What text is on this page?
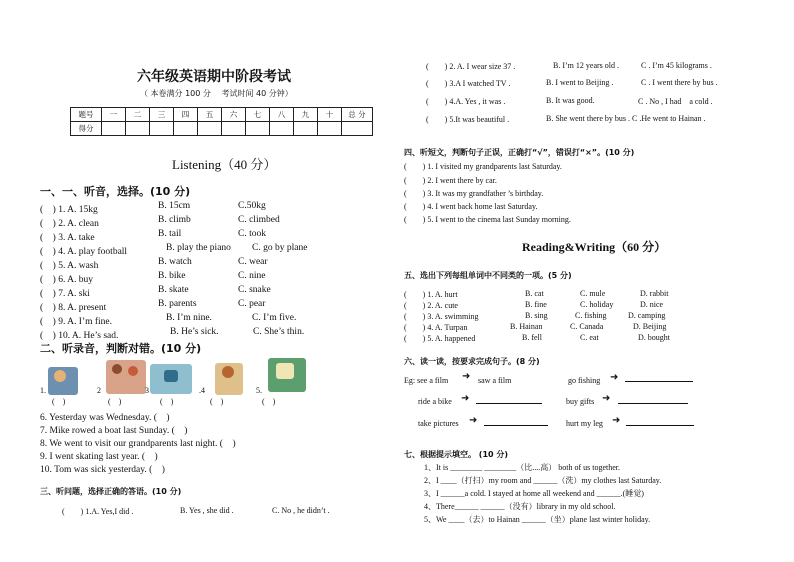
六年级英语期中阶段考试
（ 本卷满分 100 分　 考试时间 40 分钟）
题号	一	二	三	四	五	六	七	八	九	十	总 分
得分											
Listening（40 分）
一、一、听音，选择。(10 分)
(　) 1. A. 15kg	B. 15cm	C.50kg
(　) 2. A. clean	B. climb	C. climbed
(　) 3. A. take	B. tail	C. took
(　) 4. A. play football	B. play the piano C. go by plane
(　) 5. A. wash	B. watch	C. wear
(　) 6. A. buy	B. bike	C. nine
(　) 7. A. ski	B. skate	C. snake
(　) 8. A. present	B. parents	C. pear
(　) 9. A. I’m fine.	B. I’m nine.	C. I’m five.
(　) 10. A. He’s sad.	B. He’s sick.	C. She’s thin.
二、听录音，判断对错。(10 分)
1.	2	3	.4	5.
(　)	(　)	(　)	(　)	(　)
6. Yesterday was Wednesday. (　)
7. Mike rowed a boat last Sunday. (　)
8. We went to visit our grandparents last night. (　)
9. I went skating last year. (　)
10. Tom was sick yesterday. (　)
三、听问题，选择正确的答语。(10 分)
(　　) 1.A. Yes,I did .	B. Yes , she did .	C. No , he didn’t .
(　　) 2. A. I wear size 37 .	B. I’m 12 years old .	C . I’m 45 kilograms .
(　　) 3.A I watched TV .	B. I went to Beijing .	C . I went there by bus .
(　　) 4.A. Yes , it was .	B. It was good.	C . No , I had　a cold .
(　　) 5.It was beautiful .	B. She went there by bus . C .He went to Hainan .
四、听短文，判断句子正误，正确打“√”，错误打“×”。(10 分)
(　　) 1. I visited my grandparents last Saturday.
(　　) 2. I went there by car.
(　　) 3. It was my grandfather ’s birthday.
(　　) 4. I went back home last Saturday.
(　　) 5. I went to the cinema last Sunday morning.
Reading&Writing（60 分）
五、选出下列每组单词中不同类的一项。(5 分)
(　　) 1. A. hurt	B. cat	C. mule	D. rabbit
(　　) 2. A. cute	B. fine	C. holiday	D. nice
(　　) 3. A. swimming	B. sing	C. fishing	D. camping
(　　) 4. A. Turpan	B. Hainan	C. Canada	D. Beijing
(　　) 5. A. happened	B. fell	C. eat	D. bought
六、读一读，按要求完成句子。(8 分)
Eg: see a film ➜ saw a film	go fishing ➜
ride a bike ➜	buy gifts ➜
take pictures ➜	hurt my leg ➜
七、根据提示填空。 (10 分)
1、It is ________ ________（比....高） both of us together.
2、I ____（打扫）my room and ______（洗）my clothes last Saturday.
3、I ______a cold. I stayed at home all weekend and ______.(睡觉)
4、There______ ______（没有）library in my old school.
5、We ____（去）to Hainan ______（坐）plane last winter holiday.
